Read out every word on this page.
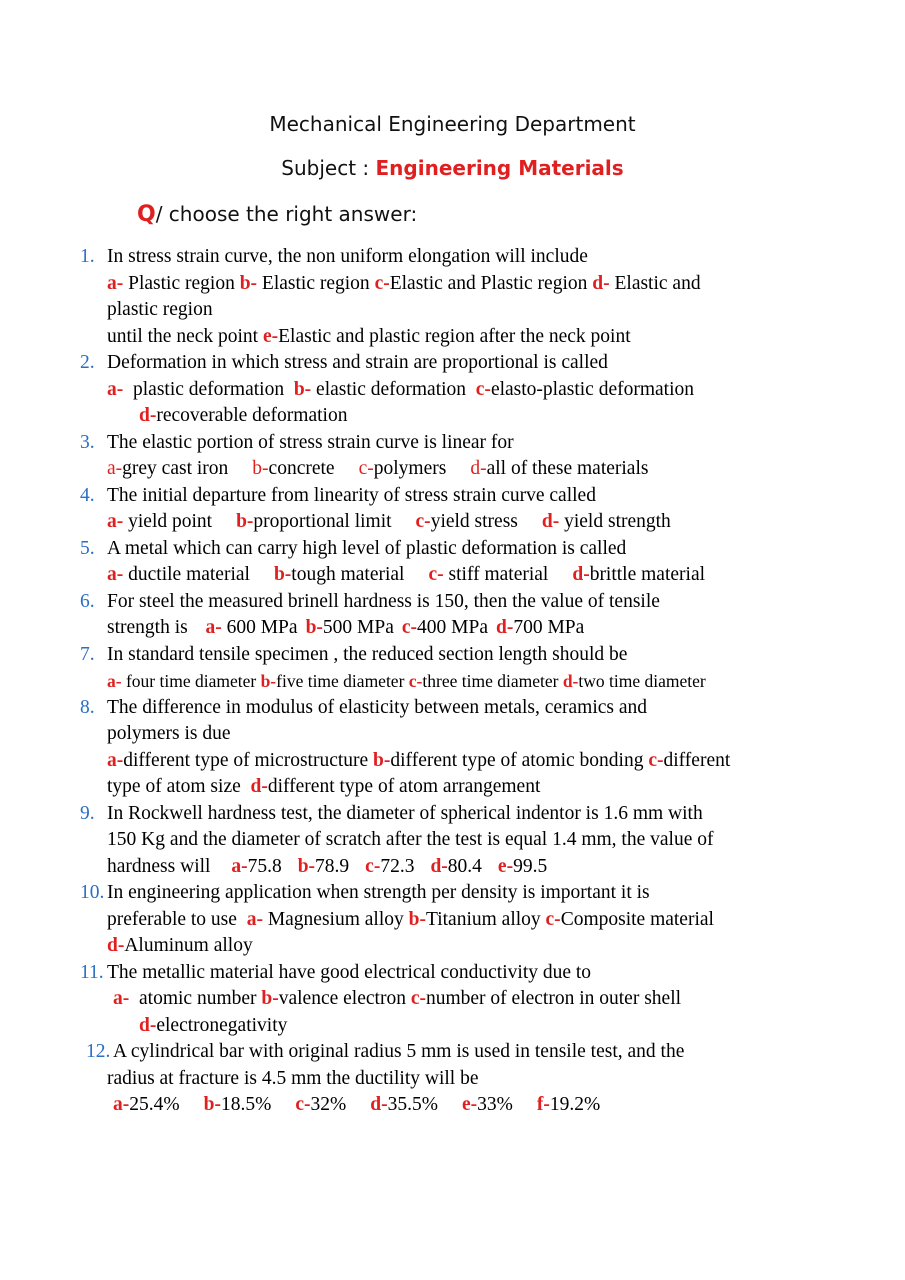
Mechanical Engineering Department
Subject : Engineering Materials
Q/ choose the right answer:
1. In stress strain curve, the non uniform elongation will include
a- Plastic region b- Elastic region c-Elastic and Plastic region d- Elastic and
plastic region
until the neck point e-Elastic and plastic region after the neck point
2. Deformation in which stress and strain are proportional is called
a-  plastic deformation  b- elastic deformation  c-elasto-plastic deformation
d-recoverable deformation
3. The elastic portion of stress strain curve is linear for
a-grey cast iron b-concrete c-polymers d-all of these materials
4. The initial departure from linearity of stress strain curve called
a- yield point b-proportional limit c-yield stress d- yield strength
5. A metal which can carry high level of plastic deformation is called
a- ductile material b-tough material c- stiff material d-brittle material
6. For steel the measured brinell hardness is 150, then the value of tensile
strength is  a- 600 MPa b-500 MPa c-400 MPa d-700 MPa
7. In standard tensile specimen , the reduced section length should be
a- four time diameter b-five time diameter c-three time diameter d-two time diameter
8. The difference in modulus of elasticity between metals, ceramics and
polymers is due
a-different type of microstructure b-different type of atomic bonding c-different
type of atom size  d-different type of atom arrangement
9. In Rockwell hardness test, the diameter of spherical indentor is 1.6 mm with
150 Kg and the diameter of scratch after the test is equal 1.4 mm, the value of
hardness will a-75.8 b-78.9 c-72.3 d-80.4 e-99.5
10. In engineering application when strength per density is important it is
preferable to use  a- Magnesium alloy b-Titanium alloy c-Composite material
d-Aluminum alloy
11. The metallic material have good electrical conductivity due to
a-  atomic number b-valence electron c-number of electron in outer shell
d-electronegativity
12. A cylindrical bar with original radius 5 mm is used in tensile test, and the
radius at fracture is 4.5 mm the ductility will be
a-25.4% b-18.5% c-32% d-35.5% e-33% f-19.2%
